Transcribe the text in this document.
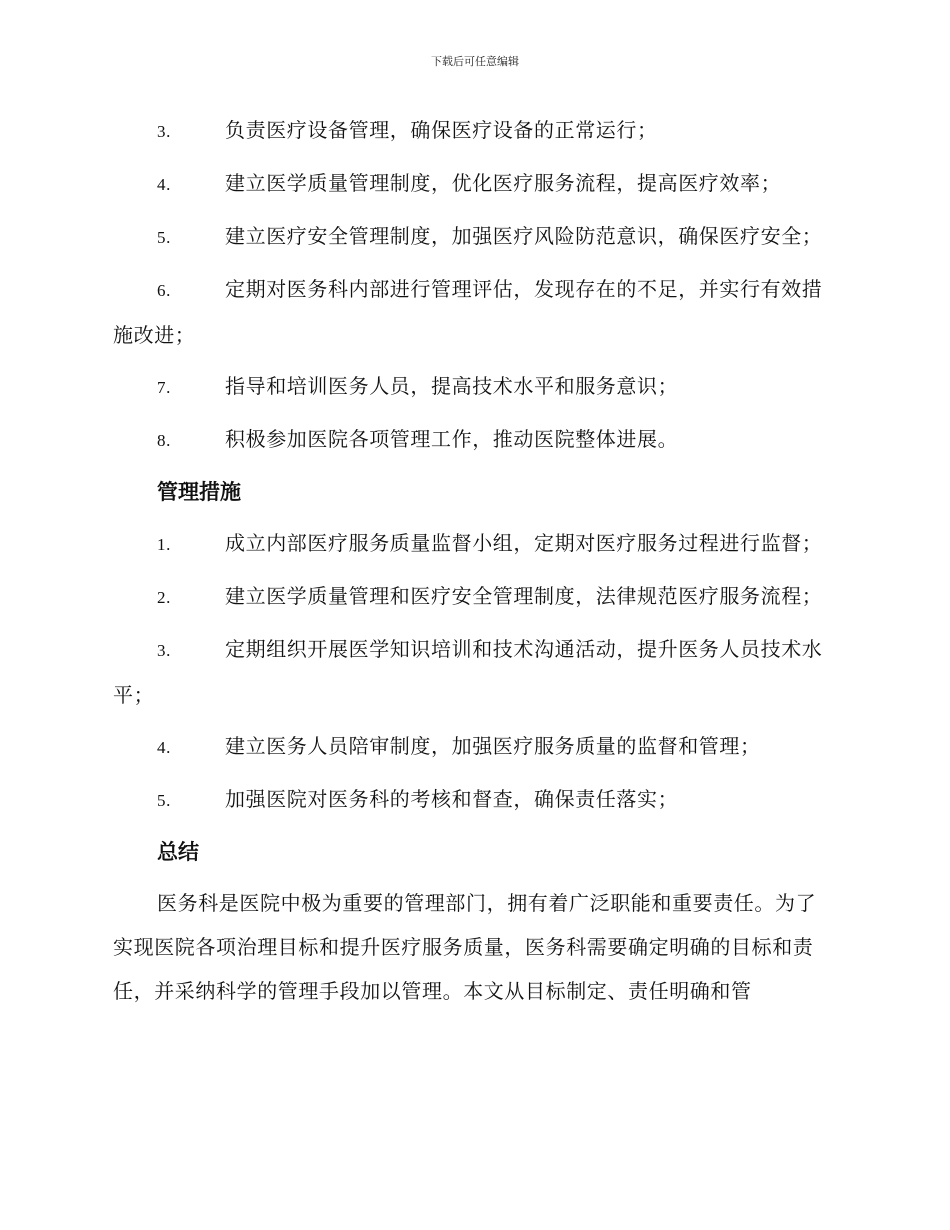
下载后可任意编辑
3.	负责医疗设备管理，确保医疗设备的正常运行；
4.	建立医学质量管理制度，优化医疗服务流程，提高医疗效率；
5.	建立医疗安全管理制度，加强医疗风险防范意识，确保医疗安全；
6.	定期对医务科内部进行管理评估，发现存在的不足，并实行有效措施改进；
7.	指导和培训医务人员，提高技术水平和服务意识；
8.	积极参加医院各项管理工作，推动医院整体进展。
管理措施
1.	成立内部医疗服务质量监督小组，定期对医疗服务过程进行监督；
2.	建立医学质量管理和医疗安全管理制度，法律规范医疗服务流程；
3.	定期组织开展医学知识培训和技术沟通活动，提升医务人员技术水平；
4.	建立医务人员陪审制度，加强医疗服务质量的监督和管理；
5.	加强医院对医务科的考核和督查，确保责任落实；
总结
医务科是医院中极为重要的管理部门，拥有着广泛职能和重要责任。为了实现医院各项治理目标和提升医疗服务质量，医务科需要确定明确的目标和责任，并采纳科学的管理手段加以管理。本文从目标制定、责任明确和管
